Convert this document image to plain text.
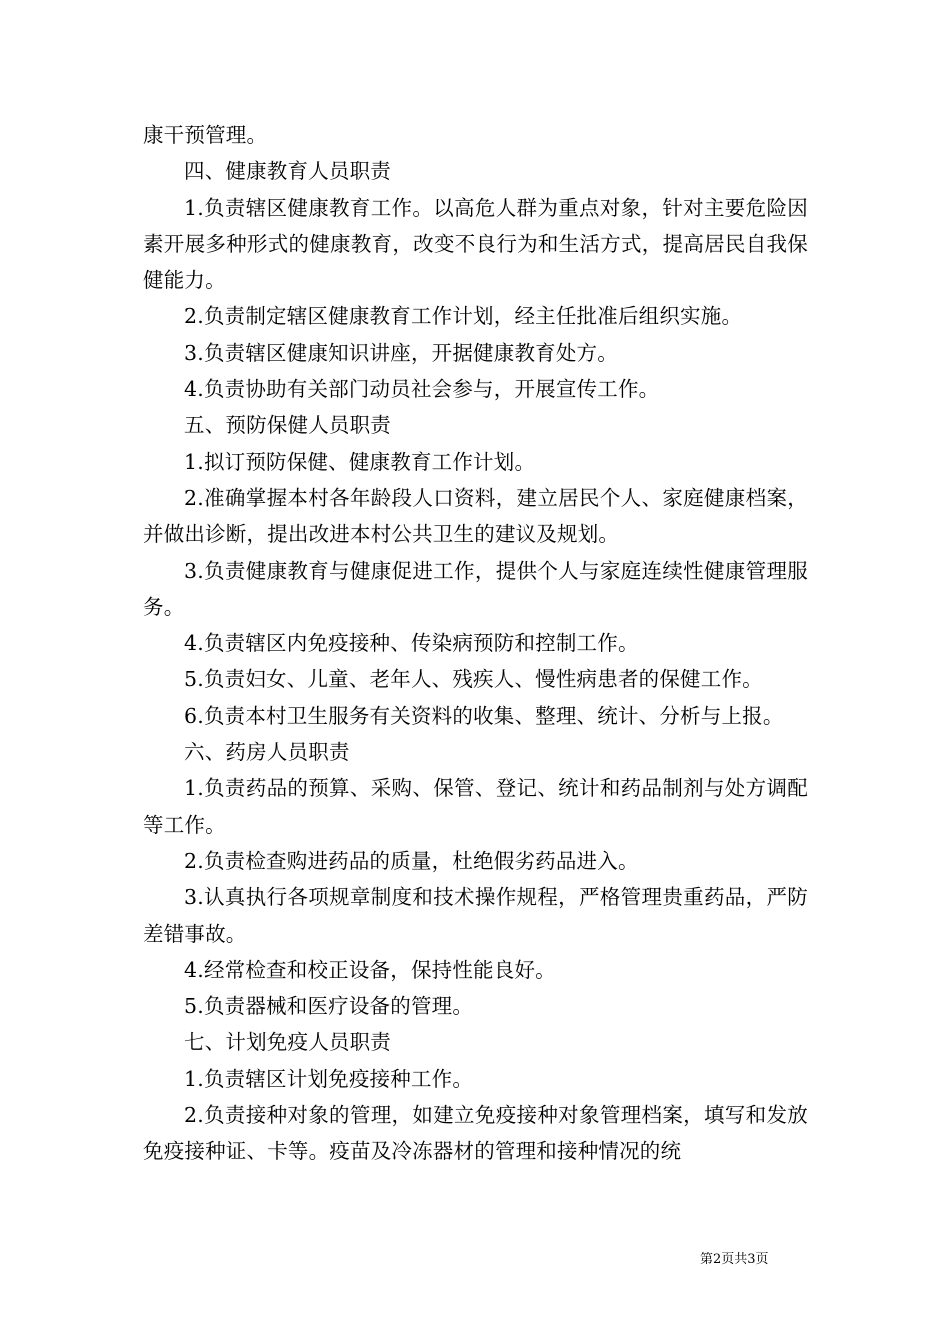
康干预管理。

四、健康教育人员职责

1.负责辖区健康教育工作。以高危人群为重点对象，针对主要危险因素开展多种形式的健康教育，改变不良行为和生活方式，提高居民自我保健能力。

2.负责制定辖区健康教育工作计划，经主任批准后组织实施。

3.负责辖区健康知识讲座，开据健康教育处方。

4.负责协助有关部门动员社会参与，开展宣传工作。

五、预防保健人员职责

1.拟订预防保健、健康教育工作计划。

2.准确掌握本村各年龄段人口资料，建立居民个人、家庭健康档案，并做出诊断，提出改进本村公共卫生的建议及规划。

3.负责健康教育与健康促进工作，提供个人与家庭连续性健康管理服务。

4.负责辖区内免疫接种、传染病预防和控制工作。

5.负责妇女、儿童、老年人、残疾人、慢性病患者的保健工作。

6.负责本村卫生服务有关资料的收集、整理、统计、分析与上报。

六、药房人员职责

1.负责药品的预算、采购、保管、登记、统计和药品制剂与处方调配等工作。

2.负责检查购进药品的质量，杜绝假劣药品进入。

3.认真执行各项规章制度和技术操作规程，严格管理贵重药品，严防差错事故。

4.经常检查和校正设备，保持性能良好。

5.负责器械和医疗设备的管理。

七、计划免疫人员职责

1.负责辖区计划免疫接种工作。

2.负责接种对象的管理，如建立免疫接种对象管理档案，填写和发放免疫接种证、卡等。疫苗及冷冻器材的管理和接种情况的统

第2页共3页
